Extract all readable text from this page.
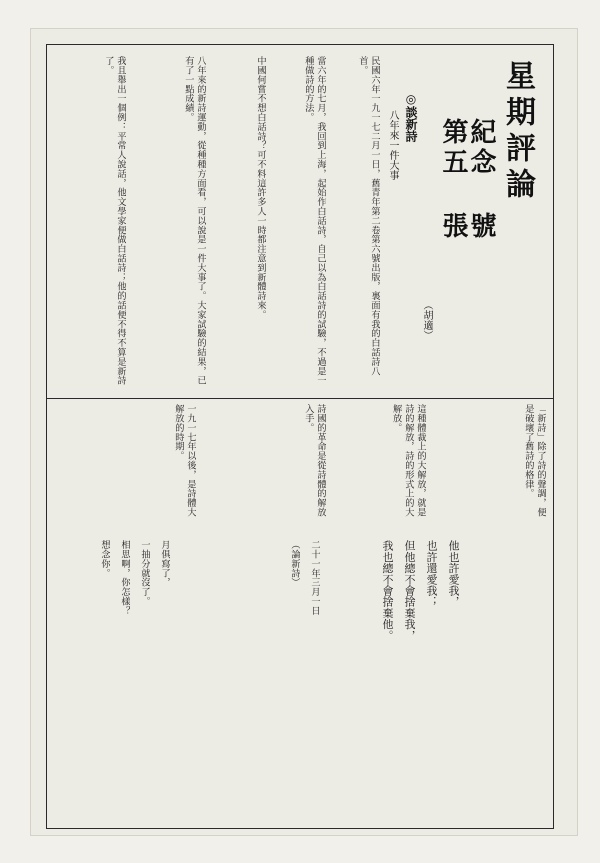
星期評論
紀念
第五
號
張
◎談新詩
（胡適）
八年來一件大事
民國六年一九一七二月一日，舊青年第二卷第六號出版，裏面有我的白話詩八首。
當六年的七月，我回到上海，起始作白話詩，自己以為白話詩的試驗，不過是一種做詩的方法。
中國何嘗不想白話詩？可不料這許多人一時都注意到新體詩來。
八年來的新詩運動，從種種方面看，可以說是一件大事了。大家試驗的結果，已有了一點成績。
我且舉出一個例：平常人說話，他文學家便做白話詩；他的話便不得不算是新詩了。
「新詩」除了詩的聲調，便是破壞了舊詩的格律。
這種體裁上的大解放，就是詩的解放，詩的形式上的大解放。
詩國的革命是從詩體的解放入手。
一九一七年以後，是詩體大解放的時期。
他也許愛我，
也許還愛我；
但他總不會捨棄我，
我也總不會捨棄他。
二十一年三月一日
（論新詩）
月俱寫了，
一抽分就沒了。
相思啊，你怎樣？
想念你。
